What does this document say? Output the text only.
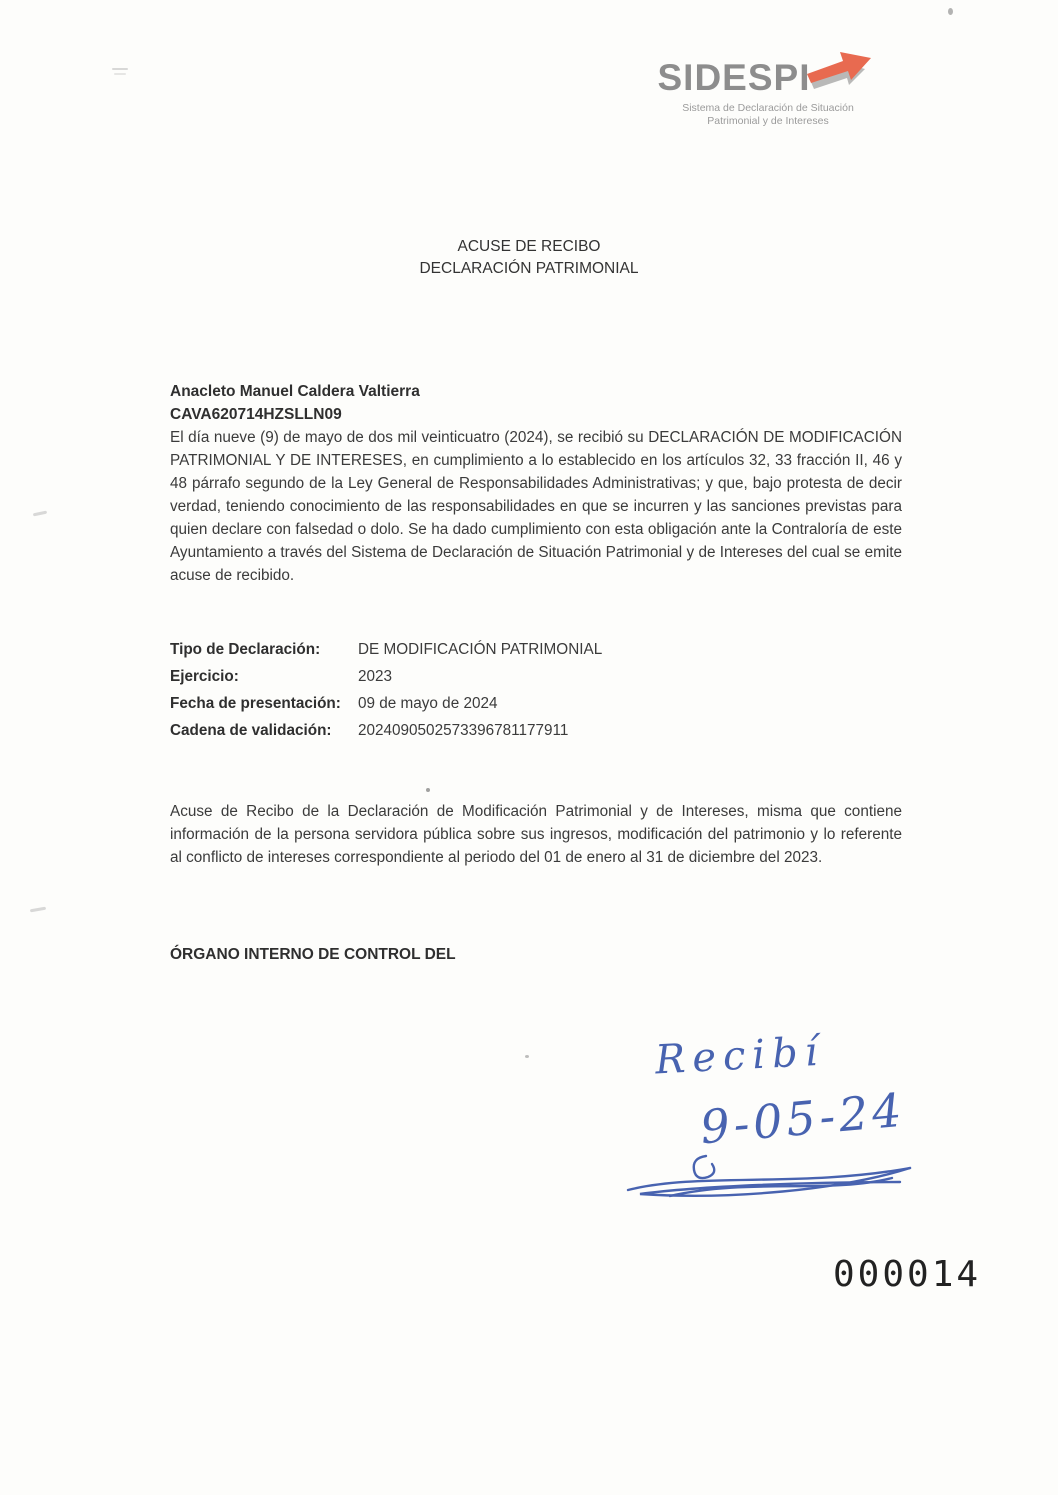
SIDESPI
Sistema de Declaración de Situación
Patrimonial y de Intereses
ACUSE DE RECIBO
DECLARACIÓN PATRIMONIAL
Anacleto Manuel Caldera Valtierra
CAVA620714HZSLLN09

El día nueve (9) de mayo de dos mil veinticuatro (2024), se recibió su DECLARACIÓN DE MODIFICACIÓN PATRIMONIAL Y DE INTERESES, en cumplimiento a lo establecido en los artículos 32, 33 fracción II, 46 y 48 párrafo segundo de la Ley General de Responsabilidades Administrativas; y que, bajo protesta de decir verdad, teniendo conocimiento de las responsabilidades en que se incurren y las sanciones previstas para quien declare con falsedad o dolo. Se ha dado cumplimiento con esta obligación ante la Contraloría de este Ayuntamiento a través del Sistema de Declaración de Situación Patrimonial y de Intereses del cual se emite acuse de recibido.

Tipo de Declaración:	DE MODIFICACIÓN PATRIMONIAL
Ejercicio:	2023
Fecha de presentación:	09 de mayo de 2024
Cadena de validación:	2024090502573396781177911

Acuse de Recibo de la Declaración de Modificación Patrimonial y de Intereses, misma que contiene información de la persona servidora pública sobre sus ingresos, modificación del patrimonio y lo referente al conflicto de intereses correspondiente al periodo del 01 de enero al 31 de diciembre del 2023.

ÓRGANO INTERNO DE CONTROL DEL
Recibí
9-05-24
000014
